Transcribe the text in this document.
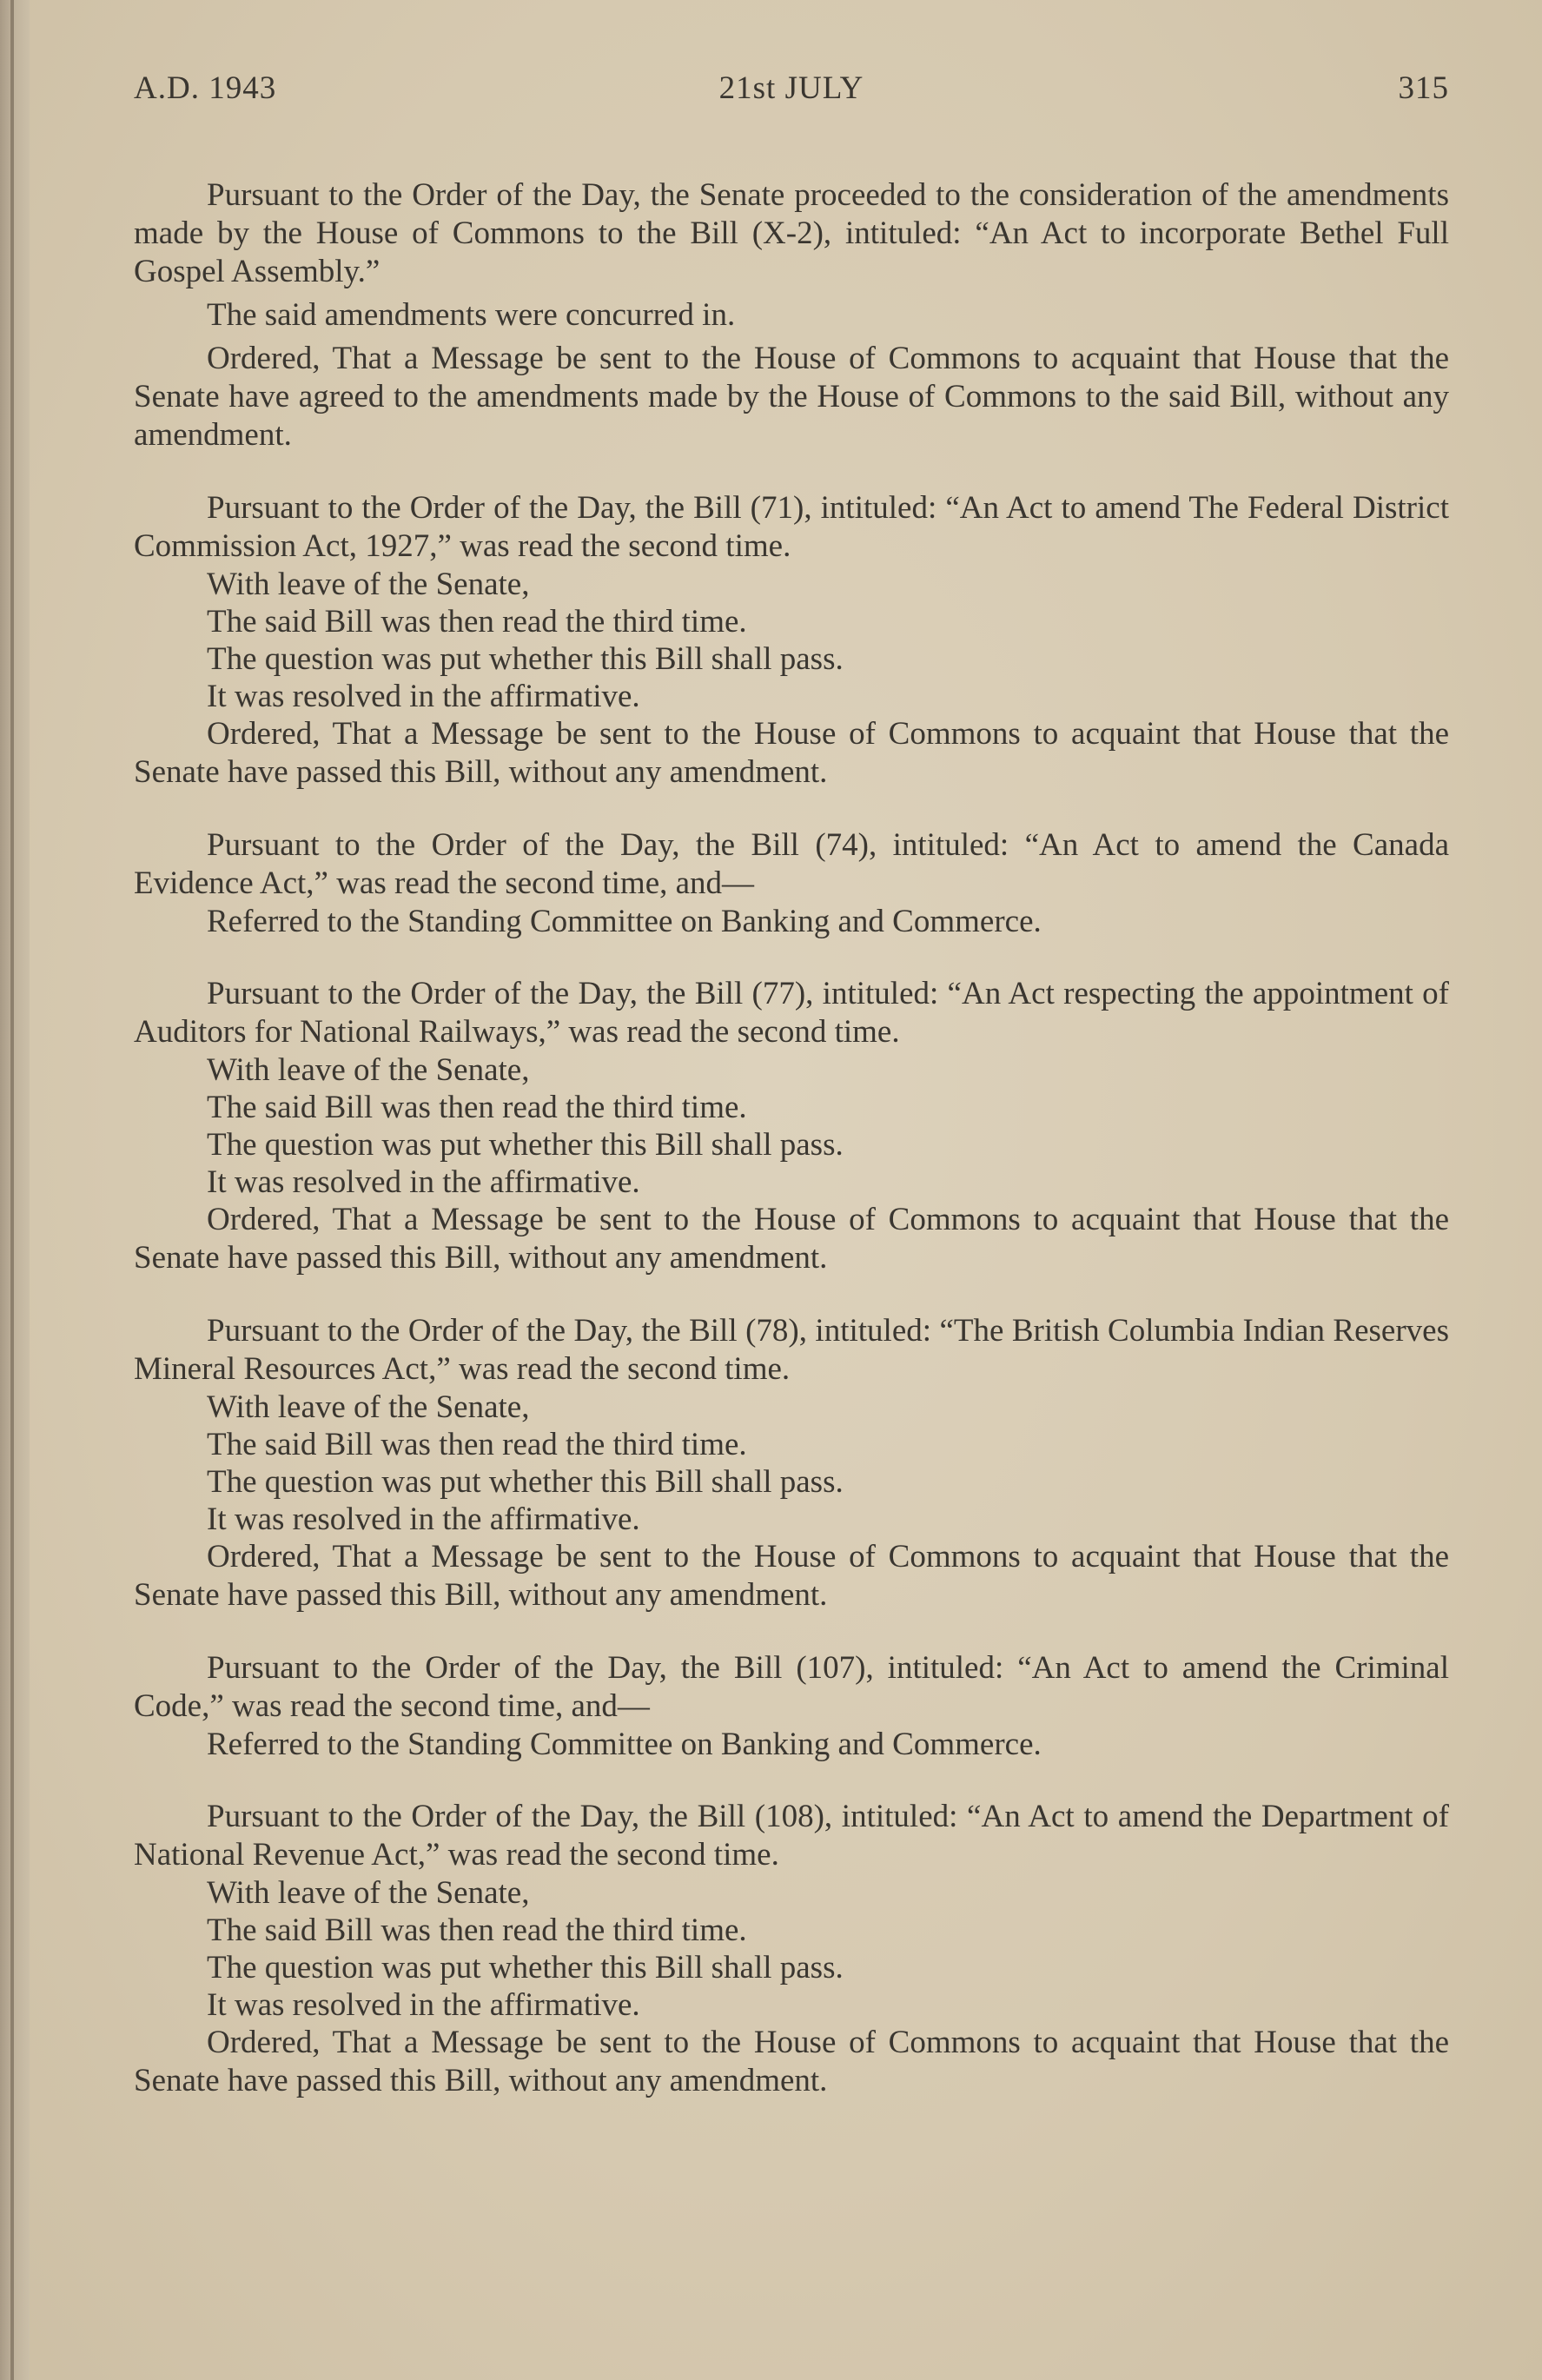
A.D. 1943	21st JULY	315

Pursuant to the Order of the Day, the Senate proceeded to the consideration of the amendments made by the House of Commons to the Bill (X-2), intituled: “An Act to incorporate Bethel Full Gospel Assembly.”

The said amendments were concurred in.

Ordered, That a Message be sent to the House of Commons to acquaint that House that the Senate have agreed to the amendments made by the House of Commons to the said Bill, without any amendment.

Pursuant to the Order of the Day, the Bill (71), intituled: “An Act to amend The Federal District Commission Act, 1927,” was read the second time.

With leave of the Senate,
The said Bill was then read the third time.
The question was put whether this Bill shall pass.
It was resolved in the affirmative.

Ordered, That a Message be sent to the House of Commons to acquaint that House that the Senate have passed this Bill, without any amendment.

Pursuant to the Order of the Day, the Bill (74), intituled: “An Act to amend the Canada Evidence Act,” was read the second time, and—

Referred to the Standing Committee on Banking and Commerce.

Pursuant to the Order of the Day, the Bill (77), intituled: “An Act respecting the appointment of Auditors for National Railways,” was read the second time.

With leave of the Senate,
The said Bill was then read the third time.
The question was put whether this Bill shall pass.
It was resolved in the affirmative.

Ordered, That a Message be sent to the House of Commons to acquaint that House that the Senate have passed this Bill, without any amendment.

Pursuant to the Order of the Day, the Bill (78), intituled: “The British Columbia Indian Reserves Mineral Resources Act,” was read the second time.

With leave of the Senate,
The said Bill was then read the third time.
The question was put whether this Bill shall pass.
It was resolved in the affirmative.

Ordered, That a Message be sent to the House of Commons to acquaint that House that the Senate have passed this Bill, without any amendment.

Pursuant to the Order of the Day, the Bill (107), intituled: “An Act to amend the Criminal Code,” was read the second time, and—

Referred to the Standing Committee on Banking and Commerce.

Pursuant to the Order of the Day, the Bill (108), intituled: “An Act to amend the Department of National Revenue Act,” was read the second time.

With leave of the Senate,
The said Bill was then read the third time.
The question was put whether this Bill shall pass.
It was resolved in the affirmative.

Ordered, That a Message be sent to the House of Commons to acquaint that House that the Senate have passed this Bill, without any amendment.
